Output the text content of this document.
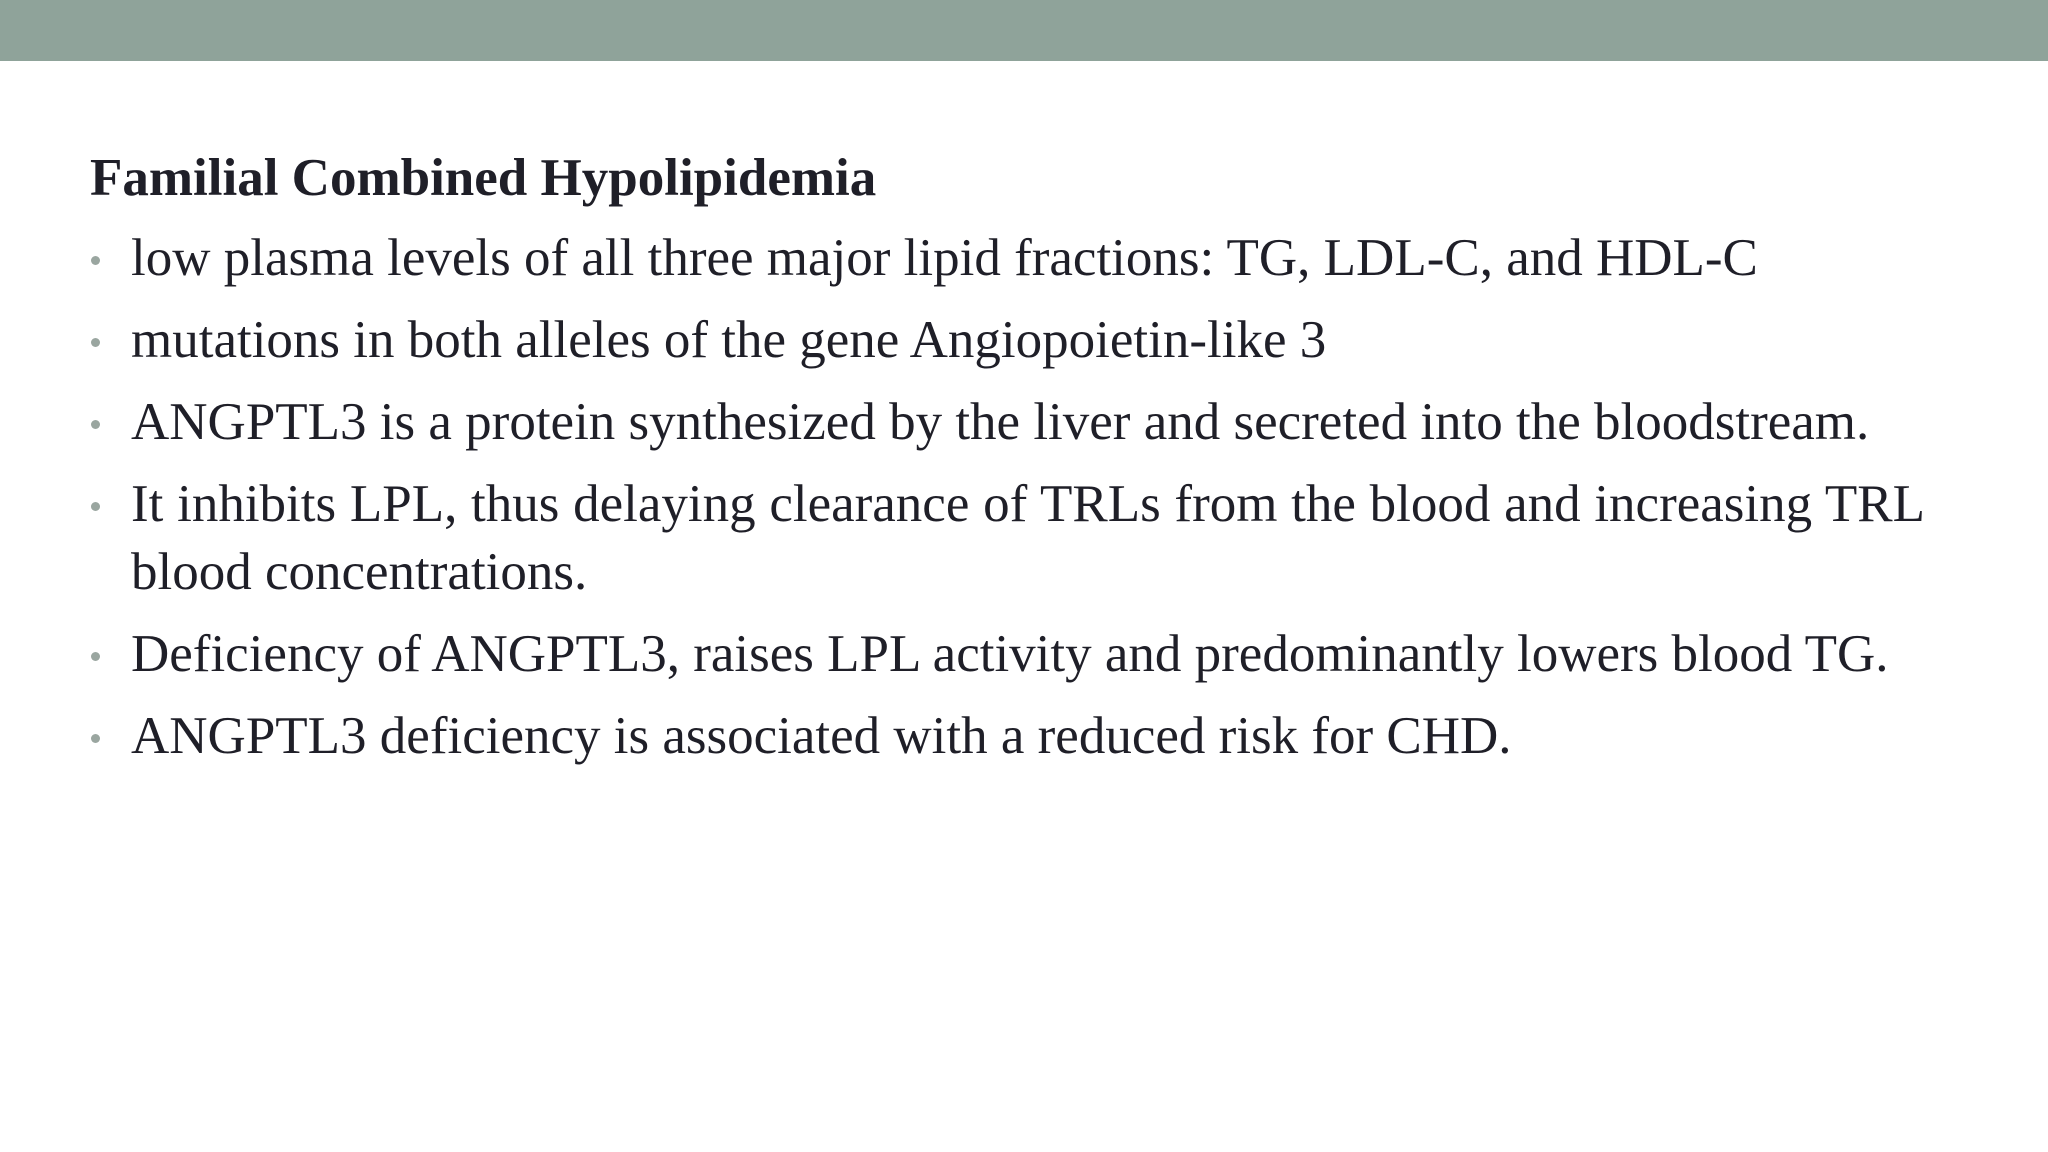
Familial Combined Hypolipidemia
low plasma levels of all three major lipid fractions: TG, LDL-C, and HDL-C
mutations in both alleles of the gene Angiopoietin-like 3
ANGPTL3 is a protein synthesized by the liver and secreted into the bloodstream.
It inhibits LPL, thus delaying clearance of TRLs from the blood and increasing TRL blood concentrations.
Deficiency of ANGPTL3, raises LPL activity and predominantly lowers blood TG.
ANGPTL3 deficiency is associated with a reduced risk for CHD.
